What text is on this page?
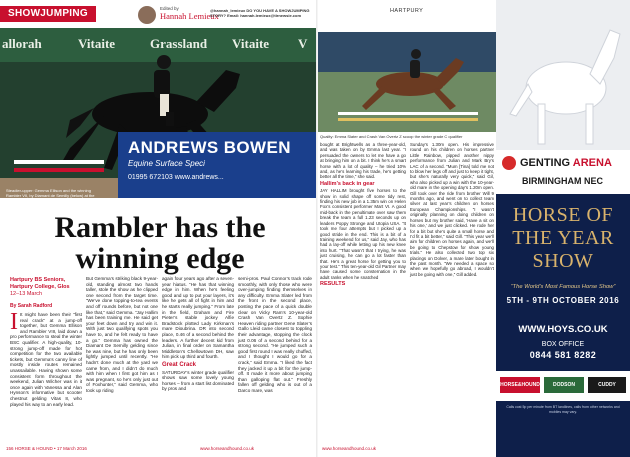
SHOWJUMPING	Edited by
Hannah Lemieux
@hannah_lemieux DO YOU HAVE A SHOWJUMPING STORY? Email: hannah.lemieux@tirnewsie.com
allorah	Vitaite	Grassland Vitaite V
ANDREWS BOWEN
Equine Surface Speci
01995 672103 www.andrews...
Steadier-upper: Gemma Ellison and the winning Rambler VII, by Diamant de Semilly (below) at the Winter-WEC qualifier: “We’re ready for now on,” says Gemma
Rambler has the winning edge
Hartpury BS Seniors,
Hartpury College, Glos
12–13 March
By Sarah Radford
I It might have been their “first real crack” at a jump-off together, but Gemma Ellison and Rambler VIII, laid down a pro performance to steal the winter BSC qualifier. A high-quality, 10-strong jump-off made for hot competition for the two available tickets, but Gemma’s canny line of mostly inside routes remained unassailable. Having shown some consistent form throughout the weekend, Julian Wilcher was in it once again with Vanessa and Alan Hynson’s informative but scooter chestnut gelding Vitas 8, who played his way to an early lead.
But Gemma’s striking black 9-year-old, standing almost two hands taller, stole the show as he clipped one second from the target time. “We’ve done topping-to-tea events and off rounds before, but not one like that,” said Gemma. “Jay Hallim has been training me. He said get your feet down and try and win it. With just two qualifying spots you have to, and he felt ready to have a go.” Gemma has owned the Diamant De Semilly gelding since he was nine, but he has only been lightly jumped until recently. “He hadn’t done much at the yard we came from, and I didn’t do much with him when I first got him as I was pregnant, so he’s only just out of Foxhunter,” said Gemma, who took up riding
again four years ago after a seven-year hiatus. “He has that winning edge in him. When he’s feeling good and up to put your layers, it’s like he gets all of fight in him and he starts really jumping.” From late in the field, Graham and Fire Pieter’s stable jockey Alfie Bradstock plotted Lady Kirkman’s mare Dioubrina. DR into second place, 0.46 of a second behind the leaders. A further decent kid from Julian, in final order on Samantha Middleton’s Chellowtown DH, saw him pick up third and fourth.
Great Crack
SATURDAY’s winter grade qualifier shows saw some lovely young horses – from a start list dominated by pros and
semi-pros. Paul Connor’s track rode smoothly, with only those who were over-jumping finding themselves in any difficulty. Emma Slater led from the front in the second place, posting the pace of a quick double clear on Vicky Ram’s 10-year-old Crash Van Overtz Z. Sophie Heaven riding partner Gene Slater’s Gallo Lleid came closest to toppling their advantage, stopping the clock just 0.06 of a second behind for a strong second. “He jumped such a good first round I was really chuffed, and I thought I would go for a crack,” said Emma. “I liked the fact they jacked it up a bit for the jump-off. It made it more about jumping than galloping flat out.” Freshly fallen off gelding who is out of a Darco mare, was
156 HORSE & HOUND • 17 March 2016	www.horseandhound.co.uk
HARTPURY
Quality: Emma Slater and Crash Van Overtz Z scoop the winter grade C qualifier
bought at Brightwells as a three-year-old, and was taken on by Emma last year. “I persuaded the owners to let me have a go at bringing him on a bit. I think he’s a smart horse with a lot of quality – he tried 10% and, as he’s learning his trade, he’s getting better all the time,” she said.
Hallim’s back in gear
JAY HALLIM brought five horses to the show in solid shape off some tidy rest, finding his new job in a 1.35m win on Helen Fox’s consistent performer Mart VI. A good mid-back in the penultimate over saw them break the team a full 1.23 seconds up on leaders Poppy Stronge and Utopia USA. “It took me four attempts but I picked up a good stride in the end. This is a bit of a training weekend for us,” said Jay, who has had a lay-off while letting up his new knee into hurt. “That wasn’t that I trying, he was just cruising, he can go a lot faster than that. He’s a great horse for getting you to your test.” This ten-year-old Gil Partner may have caused some consternation in the adult ranks when he snatched
RESULTS
Sunday’s 1.30m open. His impressive round on his children on horses partner Little Rainbow, pipped another nippy performance from Julian and Mark Bry’s LAC of a second. “Mum [Tina] told me not to blow her legs off and just to keep it tight, but she’s naturally very quick,” said Gil, who also picked up a win with the 10-year-old mare in the opening day’s 1.20m open. Gill took over the ride from brother Will 9 months ago, and went on to collect team silver at last year’s children on horses European Championships. “I wasn’t originally planning on doing children on horses but my brother said, ‘Have a sit on his one,’ and we just clicked. He rode her for a bit but she’s quite a small horse and I’d fit a bit better,” said Gill. “This year we’ll aim for children on horses again, and we’ll be going to Chepstow for show young trials.” He also collected two top six placings on Dolver, a mare later bought in the past month. “We needed a space so when we hopefully go abroad, I wouldn’t just be going with one,” Gill added.
www.horseandhound.co.uk
GENTING ARENA
BIRMINGHAM NEC
HORSE OF THE YEAR SHOW
“The World’s Most Famous Horse Show”
5TH - 9TH OCTOBER 2016
WWW.HOYS.CO.UK
BOX OFFICE
0844 581 8282
HORSE&HOUND	DODSON	CUDDY
Calls cost 5p per minute from BT landlines, calls from other networks and mobiles may vary.
